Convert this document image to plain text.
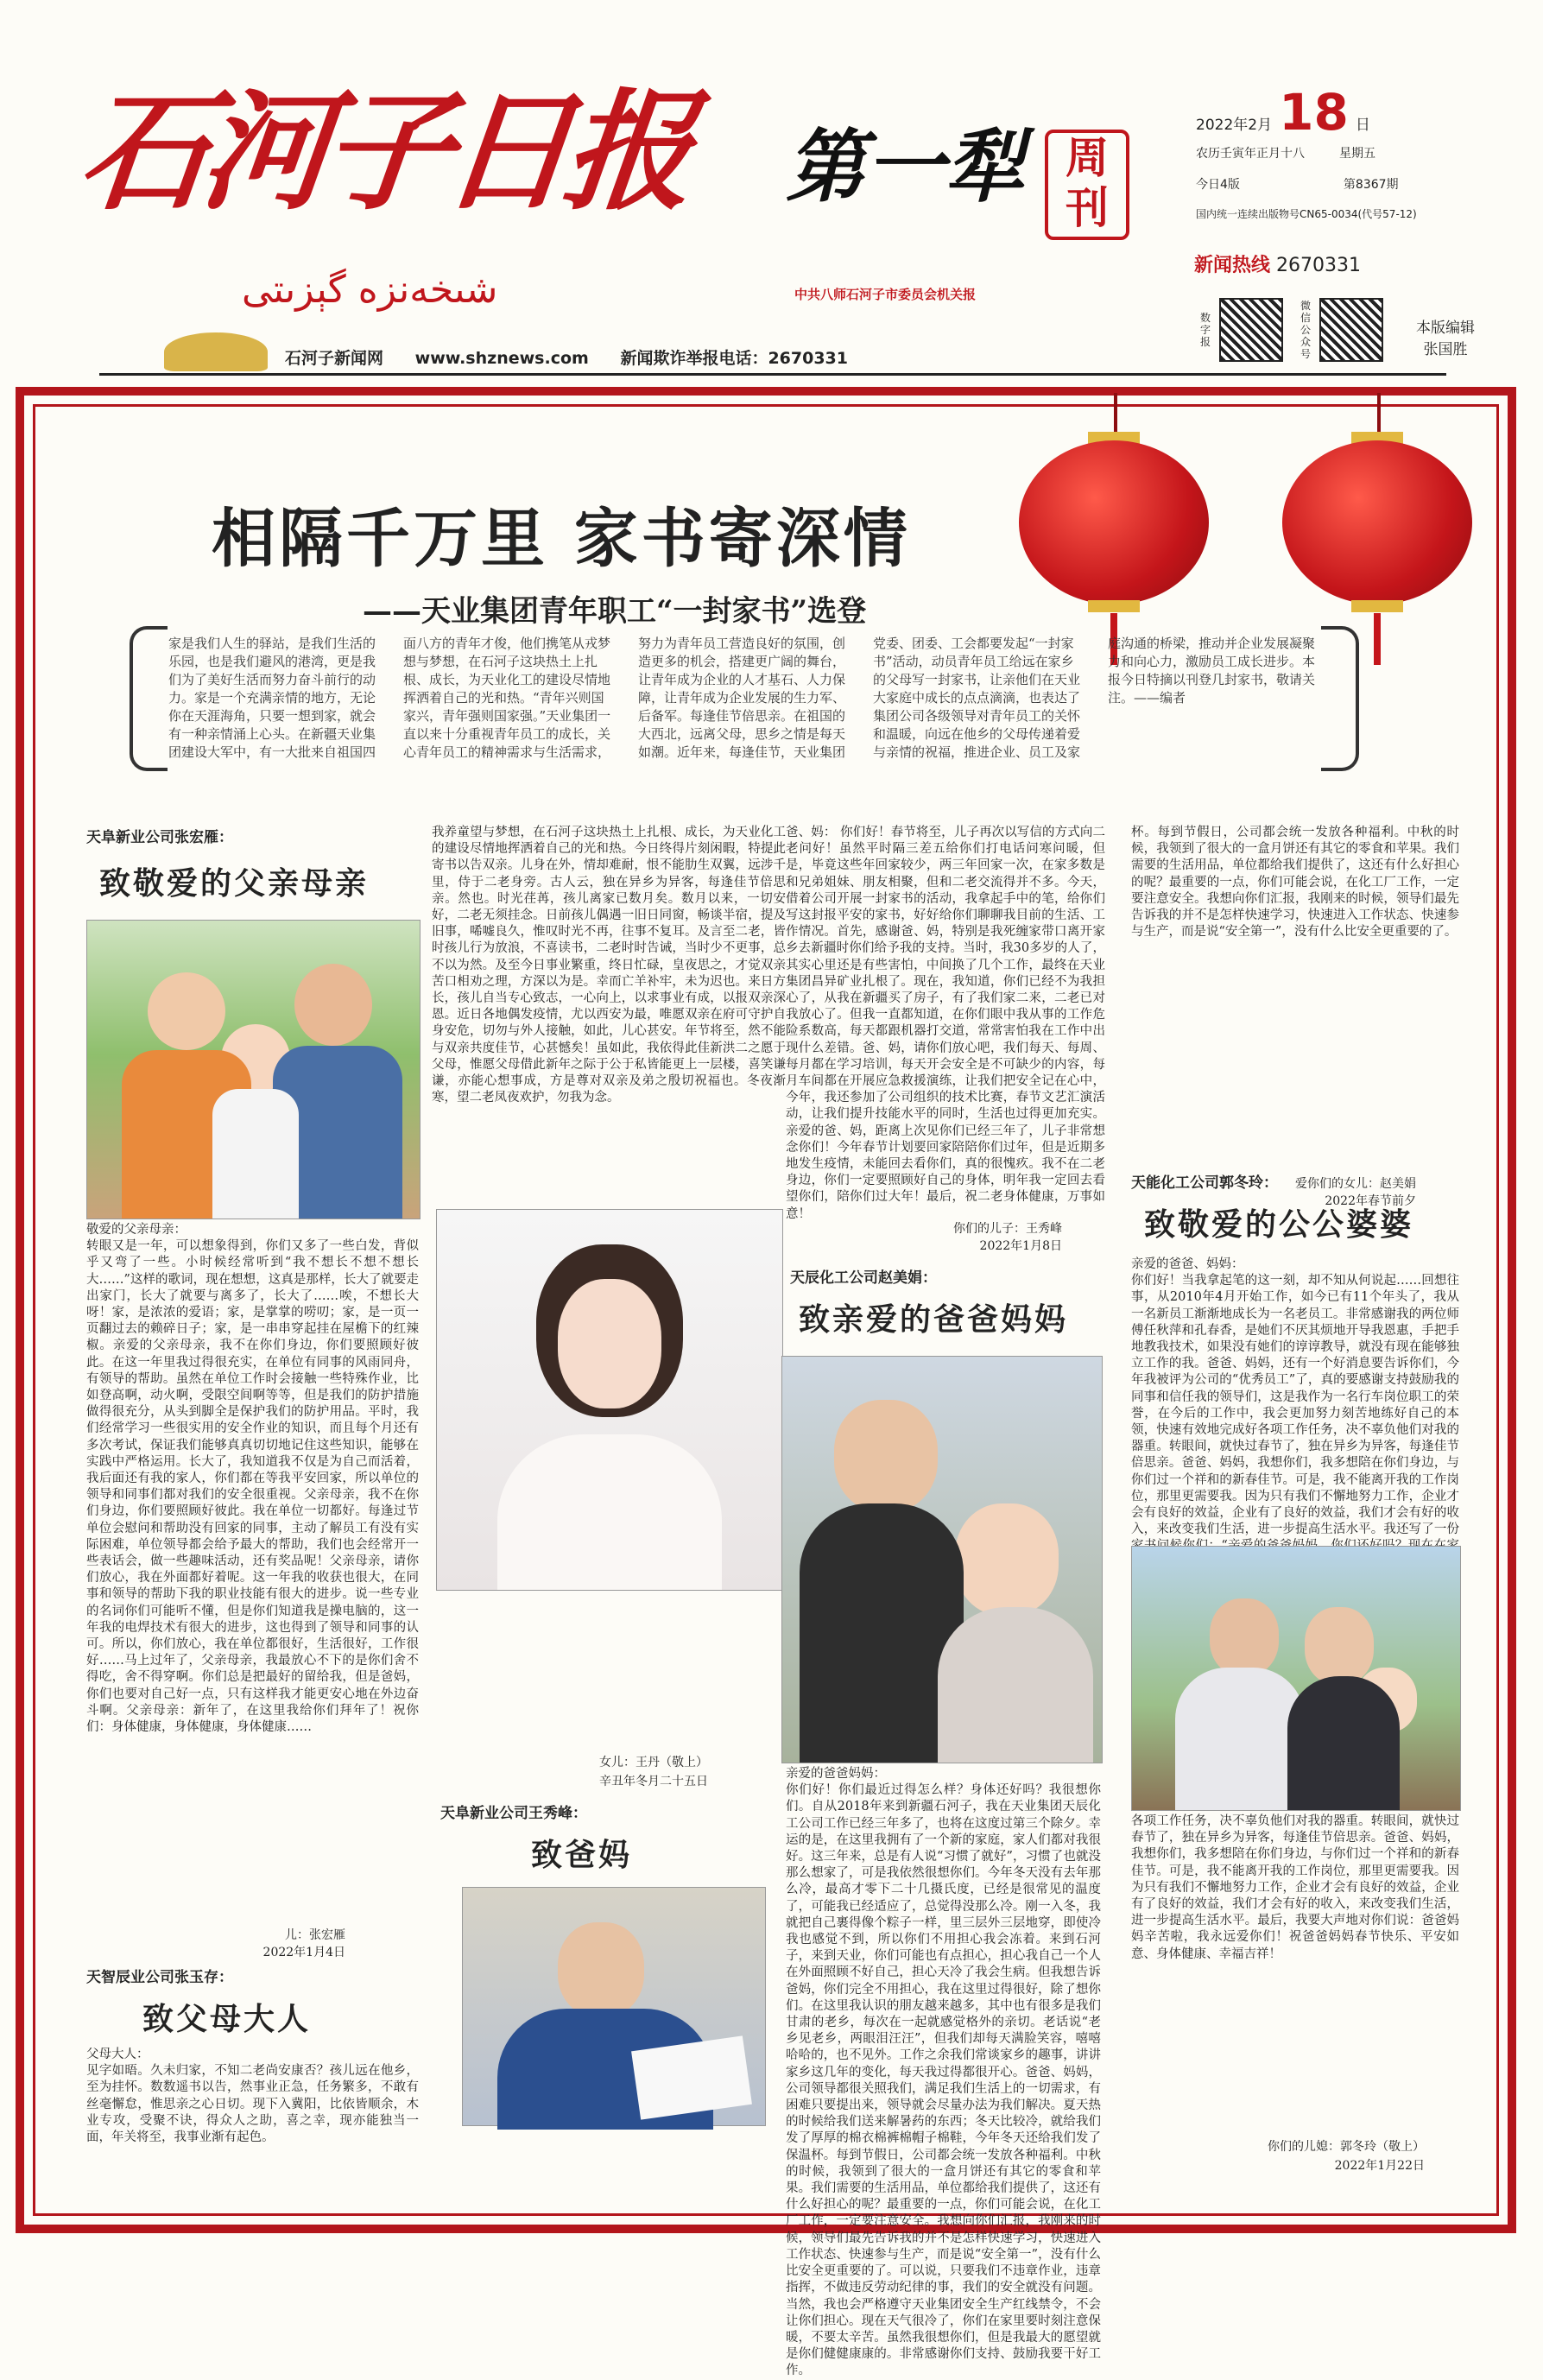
石河子日报 第一犁 周刊
شىخەنزە گېزىتى	中共八师石河子市委员会机关报
2022年2月 18 日
农历壬寅年正月十八	星期五
今日4版	第8367期
国内统一连续出版物号CN65-0034(代号57-12)
新闻热线 2670331
数字报
微信公众号
本版编辑
张国胜
石河子新闻网 www.shznews.com 新闻欺诈举报电话：2670331
相隔千万里 家书寄深情
——天业集团青年职工“一封家书”选登
家是我们人生的驿站，是我们生活的乐园，也是我们避风的港湾，更是我们为了美好生活而努力奋斗前行的动力。家是一个充满亲情的地方，无论你在天涯海角，只要一想到家，就会有一种亲情涌上心头。在新疆天业集团建设大军中，有一大批来自祖国四面八方的青年才俊，他们携笔从戎梦想与梦想，在石河子这块热土上扎根、成长，为天业化工的建设尽情地挥洒着自己的光和热。“青年兴则国家兴，青年强则国家强。”天业集团一直以来十分重视青年员工的成长，关心青年员工的精神需求与生活需求，努力为青年员工营造良好的氛围，创造更多的机会，搭建更广阔的舞台，让青年成为企业的人才基石、人力保障，让青年成为企业发展的生力军、后备军。每逢佳节倍思亲。在祖国的大西北，远离父母，思乡之情是每天如潮。近年来，每逢佳节，天业集团党委、团委、工会都要发起“一封家书”活动，动员青年员工给远在家乡的父母写一封家书，让亲他们在天业大家庭中成长的点点滴滴，也表达了集团公司各级领导对青年员工的关怀和温暖，向远在他乡的父母传递着爱与亲情的祝福，推进企业、员工及家庭沟通的桥梁，推动并企业发展凝聚力和向心力，激励员工成长进步。本报今日特摘以刊登几封家书，敬请关注。——编者
天阜新业公司张宏雁：
致敬爱的父亲母亲
敬爱的父亲母亲：
转眼又是一年，可以想象得到，你们又多了一些白发，背似乎又弯了一些。小时候经常听到“我不想长不想不想长大……”这样的歌词，现在想想，这真是那样，长大了就要走出家门，长大了就要与离多了，长大了……唉，不想长大呀！家，是浓浓的爱语；家，是掌掌的唠叨；家，是一页一页翻过去的赖碎日子；家，是一串串穿起挂在屋檐下的红辣椒。亲爱的父亲母亲，我不在你们身边，你们要照顾好彼此。在这一年里我过得很充实，在单位有同事的风雨同舟，有领导的帮助。虽然在单位工作时会接触一些特殊作业，比如登高啊，动火啊，受限空间啊等等，但是我们的防护措施做得很充分，从头到脚全是保护我们的防护用品。平时，我们经常学习一些很实用的安全作业的知识，而且每个月还有多次考试，保证我们能够真真切切地记住这些知识，能够在实践中严格运用。长大了，我知道我不仅是为自己而活着，我后面还有我的家人，你们都在等我平安回家，所以单位的领导和同事们都对我们的安全很重视。父亲母亲，我不在你们身边，你们要照顾好彼此。我在单位一切都好。每逢过节单位会慰问和帮助没有回家的同事，主动了解员工有没有实际困难，单位领导都会给予最大的帮助，我们也会经常开一些表话会，做一些趣味活动，还有奖品呢！父亲母亲，请你们放心，我在外面都好着呢。这一年我的收获也很大，在同事和领导的帮助下我的职业技能有很大的进步。说一些专业的名词你们可能听不懂，但是你们知道我是操电脑的，这一年我的电焊技术有很大的进步，这也得到了领导和同事的认可。所以，你们放心，我在单位都很好，生活很好，工作很好……马上过年了，父亲母亲，我最放心不下的是你们舍不得吃，舍不得穿啊。你们总是把最好的留给我，但是爸妈，你们也要对自己好一点，只有这样我才能更安心地在外边奋斗啊。父亲母亲：新年了，在这里我给你们拜年了！祝你们：身体健康，身体健康，身体健康……
儿：张宏雁
2022年1月4日
天智辰业公司张玉存：
致父母大人
父母大人：
见字如晤。久未归家，不知二老尚安康否？孩儿远在他乡，至为挂怀。数数遥书以告，然事业正急，任务繁多，不敢有丝毫懈怠，惟思亲之心日切。现下入冀阳，比依皆顺余，木业专攻，受聚不诀，得众人之助，喜之幸，现亦能独当一面，年关将至，我事业渐有起色。
我养童望与梦想，在石河子这块热土上扎根、成长，为天业化工的建设尽情地挥洒着自己的光和热。今日终得片刻闲暇，特提此寄书以告双亲。儿身在外，情却难耐，恨不能肋生双翼，远涉千里，侍于二老身旁。古人云，独在异乡为异客，每逢佳节倍思亲。然也。时光荏苒，孩儿离家已数月矣。数月以来，一切安好，二老无须挂念。日前孩儿偶遇一旧日同窗，畅谈半宿，提及旧事，唏嘘良久，惟叹时光不再，往事不复耳。及言至二老，皆时孩儿行为放浪，不喜读书，二老时时告诫，当时少不更事，总不以为然。及至今日事业繁重，终日忙碌，皇夜思之，才觉双亲苦口相劝之理，方深以为是。幸而亡羊补牢，未为迟也。来日方长，孩儿自当专心致志，一心向上，以求事业有成，以报双亲深恩。近日各地偶发疫情，尤以西安为最，唯愿双亲在府可守护自身安危，切勿与外人接触，如此，儿心甚安。年节将至，然不能与双亲共度佳节，心甚憾矣！虽如此，我依得此佳新洪二之愿于父母，惟愿父母借此新年之际于公于私皆能更上一层楼，喜笑谦谦，亦能心想事成，方是尊对双亲及弟之殷切祝福也。冬夜渐寒，望二老凤夜欢护，勿我为念。
女儿：王丹（敬上）
辛丑年冬月二十五日
天阜新业公司王秀峰：
致爸妈
爸、妈： 你们好！春节将至，儿子再次以写信的方式向二老问好！虽然平时隔三差五给你们打电话问寒问暖，但是，毕竟这些年回家较少，两三年回家一次，在家多数是和兄弟姐妹、朋友相聚，但和二老交流得并不多。今天，借着公司开展一封家书的活动，我拿起手中的笔，给你们写这封报平安的家书，好好给你们聊聊我目前的生活、工作情况。首先，感谢爸、妈，特别是我死缠家带口离开家乡去新疆时你们给予我的支持。当时，我30多岁的人了，其实心里还是有些害怕，中间换了几个工作，最终在天业集团昌异矿业扎根了。现在，我知道，你们已经不为我担心了，从我在新疆买了房子，有了我们家二来，二老已对我放心了。但我一直都知道，在你们眼中我从事的工作危险系数高，每天都跟机器打交道，常常害怕我在工作中出现什么差错。爸、妈，请你们放心吧，我们每天、每周、每月都在学习培训，每天开会安全是不可缺少的内容，每月车间都在开展应急救援演练，让我们把安全记在心中，今年，我还参加了公司组织的技术比赛，春节文艺汇演活动，让我们提升技能水平的同时，生活也过得更加充实。亲爱的爸、妈，距离上次见你们已经三年了，儿子非常想念你们！今年春节计划要回家陪陪你们过年，但是近期多地发生疫情，未能回去看你们，真的很愧疚。我不在二老身边，你们一定要照顾好自己的身体，明年我一定回去看望你们，陪你们过大年！最后，祝二老身体健康，万事如意！
你们的儿子：王秀峰
2022年1月8日
天辰化工公司赵美娟：
致亲爱的爸爸妈妈
亲爱的爸爸妈妈：
你们好！你们最近过得怎么样？身体还好吗？我很想你们。自从2018年来到新疆石河子，我在天业集团天辰化工公司工作已经三年多了，也将在这度过第三个除夕。幸运的是，在这里我拥有了一个新的家庭，家人们都对我很好。这三年来，总是有人说“习惯了就好”，习惯了也就没那么想家了，可是我依然很想你们。今年冬天没有去年那么冷，最高才零下二十几摄氏度，已经是很常见的温度了，可能我已经适应了，总觉得没那么冷。刚一入冬，我就把自己裹得像个粽子一样，里三层外三层地穿，即使冷我也感觉不到，所以你们不用担心我会冻着。来到石河子，来到天业，你们可能也有点担心，担心我自己一个人在外面照顾不好自己，担心天冷了我会生病。但我想告诉爸妈，你们完全不用担心，我在这里过得很好，除了想你们。在这里我认识的朋友越来越多，其中也有很多是我们甘肃的老乡，每次在一起就感觉格外的亲切。老话说“老乡见老乡，两眼泪汪汪”，但我们却每天满脸笑容，嘻嘻哈哈的，也不见外。工作之余我们常谈家乡的趣事，讲讲家乡这几年的变化，每天我过得都很开心。爸爸、妈妈，公司领导都很关照我们，满足我们生活上的一切需求，有困难只要提出来，领导就会尽量办法为我们解决。夏天热的时候给我们送来解暑药的东西；冬天比较冷，就给我们发了厚厚的棉衣棉裤棉帽子棉鞋，今年冬天还给我们发了保温杯。每到节假日，公司都会统一发放各种福利。中秋的时候，我领到了很大的一盒月饼还有其它的零食和苹果。我们需要的生活用品，单位都给我们提供了，这还有什么好担心的呢？最重要的一点，你们可能会说，在化工厂工作，一定要注意安全。我想向你们汇报，我刚来的时候，领导们最先告诉我的并不是怎样快速学习，快速进入工作状态、快速参与生产，而是说“安全第一”，没有什么比安全更重要的了。可以说，只要我们不违章作业，违章指挥，不做违反劳动纪律的事，我们的安全就没有问题。当然，我也会严格遵守天业集团安全生产红线禁令，不会让你们担心。现在天气很冷了，你们在家里要时刻注意保暖，不要太辛苦。虽然我很想你们，但是我最大的愿望就是你们健健康康的。非常感谢你们支持、鼓励我要干好工作。
杯。每到节假日，公司都会统一发放各种福利。中秋的时候，我领到了很大的一盒月饼还有其它的零食和苹果。我们需要的生活用品，单位都给我们提供了，这还有什么好担心的呢？最重要的一点，你们可能会说，在化工厂工作，一定要注意安全。我想向你们汇报，我刚来的时候，领导们最先告诉我的并不是怎样快速学习，快速进入工作状态、快速参与生产，而是说“安全第一”，没有什么比安全更重要的了。
爱你们的女儿：赵美娟
2022年春节前夕
天能化工公司郭冬玲：
致敬爱的公公婆婆
亲爱的爸爸、妈妈：
你们好！当我拿起笔的这一刻，却不知从何说起……回想往事，从2010年4月开始工作，如今已有11个年头了，我从一名新员工渐渐地成长为一名老员工。非常感谢我的两位师傅任秋萍和孔春香，是她们不厌其烦地开导我恩惠，手把手地教我技术，如果没有她们的谆谆教导，就没有现在能够独立工作的我。爸爸、妈妈，还有一个好消息要告诉你们，今年我被评为公司的“优秀员工”了，真的要感谢支持鼓励我的同事和信任我的领导们，这是我作为一名行车岗位职工的荣誉，在今后的工作中，我会更加努力刻苦地练好自己的本领，快速有效地完成好各项工作任务，决不辜负他们对我的器重。转眼间，就快过春节了，独在异乡为异客，每逢佳节倍思亲。爸爸、妈妈，我想你们，我多想陪在你们身边，与你们过一个祥和的新春佳节。可是，我不能离开我的工作岗位，那里更需要我。因为只有我们不懈地努力工作，企业才会有良好的效益，企业有了良好的效益，我们才会有好的收入，来改变我们生活，进一步提高生活水平。我还写了一份
各项工作任务，决不辜负他们对我的器重。转眼间，就快过春节了，独在异乡为异客，每逢佳节倍思亲。爸爸、妈妈，我想你们，我多想陪在你们身边，与你们过一个祥和的新春佳节。可是，我不能离开我的工作岗位，那里更需要我。因为只有我们不懈地努力工作，企业才会有良好的效益，企业有了良好的效益，我们才会有好的收入，来改变我们生活，进一步提高生活水平。最后，我要大声地对你们说：爸爸妈妈辛苦啦，我永远爱你们！祝爸爸妈妈春节快乐、平安如意、身体健康、幸福吉祥！
你们的儿媳：郭冬玲（敬上）
2022年1月22日
